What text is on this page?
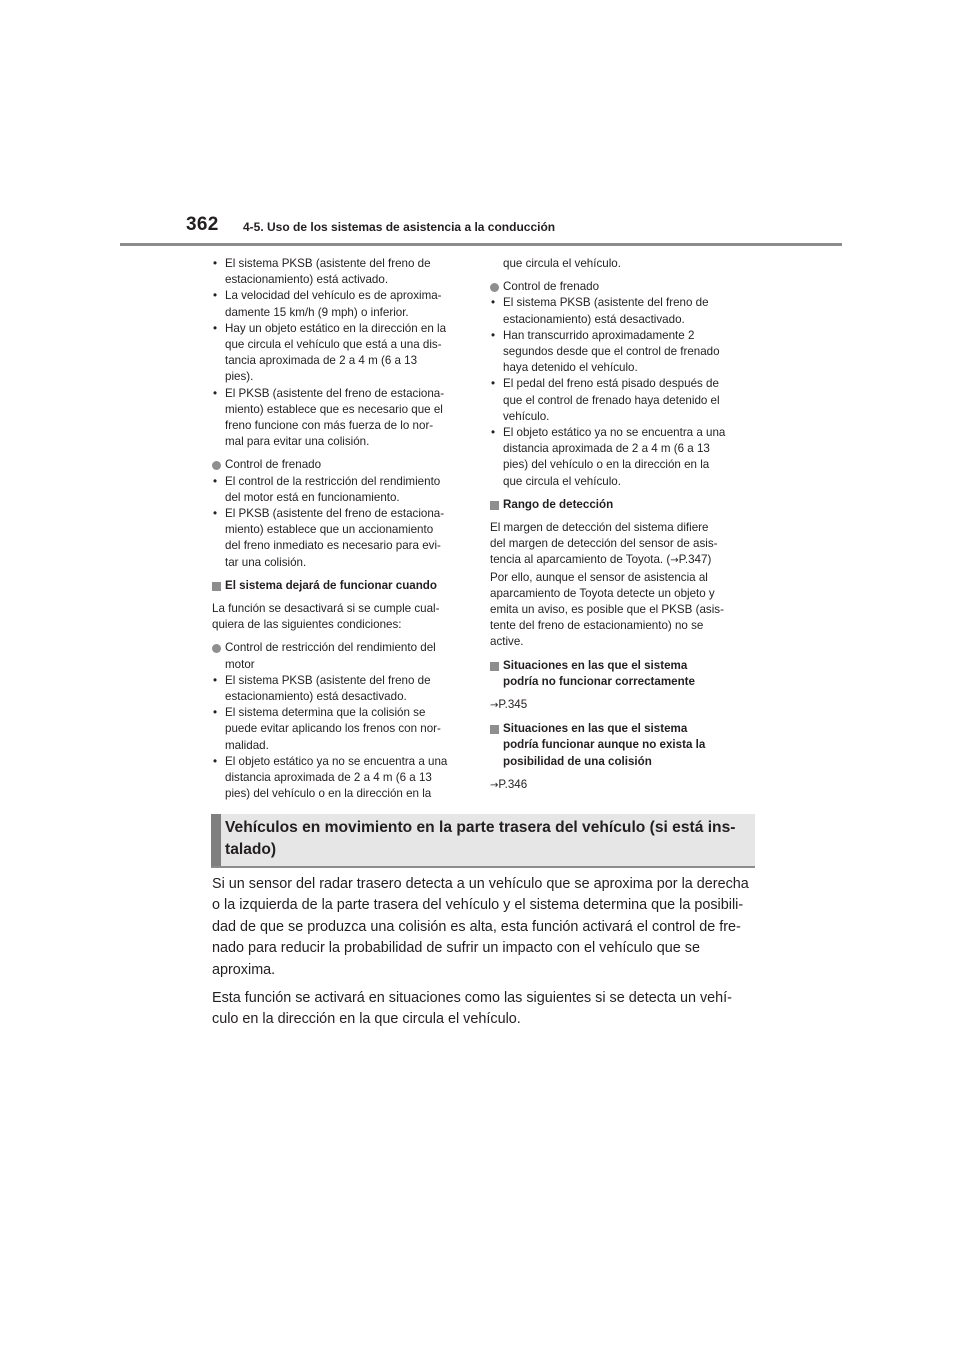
362 4-5. Uso de los sistemas de asistencia a la conducción
• El sistema PKSB (asistente del freno de
estacionamiento) está activado.
• La velocidad del vehículo es de aproxima-
damente 15 km/h (9 mph) o inferior.
• Hay un objeto estático en la dirección en la
que circula el vehículo que está a una dis-
tancia aproximada de 2 a 4 m (6 a 13
pies).
• El PKSB (asistente del freno de estaciona-
miento) establece que es necesario que el
freno funcione con más fuerza de lo nor-
mal para evitar una colisión.
Control de frenado
• El control de la restricción del rendimiento
del motor está en funcionamiento.
• El PKSB (asistente del freno de estaciona-
miento) establece que un accionamiento
del freno inmediato es necesario para evi-
tar una colisión.
El sistema dejará de funcionar cuando
La función se desactivará si se cumple cual-
quiera de las siguientes condiciones:
Control de restricción del rendimiento del
motor
• El sistema PKSB (asistente del freno de
estacionamiento) está desactivado.
• El sistema determina que la colisión se
puede evitar aplicando los frenos con nor-
malidad.
• El objeto estático ya no se encuentra a una
distancia aproximada de 2 a 4 m (6 a 13
pies) del vehículo o en la dirección en la
que circula el vehículo.
Control de frenado
• El sistema PKSB (asistente del freno de
estacionamiento) está desactivado.
• Han transcurrido aproximadamente 2
segundos desde que el control de frenado
haya detenido el vehículo.
• El pedal del freno está pisado después de
que el control de frenado haya detenido el
vehículo.
• El objeto estático ya no se encuentra a una
distancia aproximada de 2 a 4 m (6 a 13
pies) del vehículo o en la dirección en la
que circula el vehículo.
Rango de detección
El margen de detección del sistema difiere
del margen de detección del sensor de asis-
tencia al aparcamiento de Toyota. (→P.347)
Por ello, aunque el sensor de asistencia al
aparcamiento de Toyota detecte un objeto y
emita un aviso, es posible que el PKSB (asis-
tente del freno de estacionamiento) no se
active.
Situaciones en las que el sistema
podría no funcionar correctamente
→P.345
Situaciones en las que el sistema
podría funcionar aunque no exista la
posibilidad de una colisión
→P.346
Vehículos en movimiento en la parte trasera del vehículo (si está ins-
talado)

Si un sensor del radar trasero detecta a un vehículo que se aproxima por la derecha
o la izquierda de la parte trasera del vehículo y el sistema determina que la posibili-
dad de que se produzca una colisión es alta, esta función activará el control de fre-
nado para reducir la probabilidad de sufrir un impacto con el vehículo que se
aproxima.

Esta función se activará en situaciones como las siguientes si se detecta un vehí-
culo en la dirección en la que circula el vehículo.
